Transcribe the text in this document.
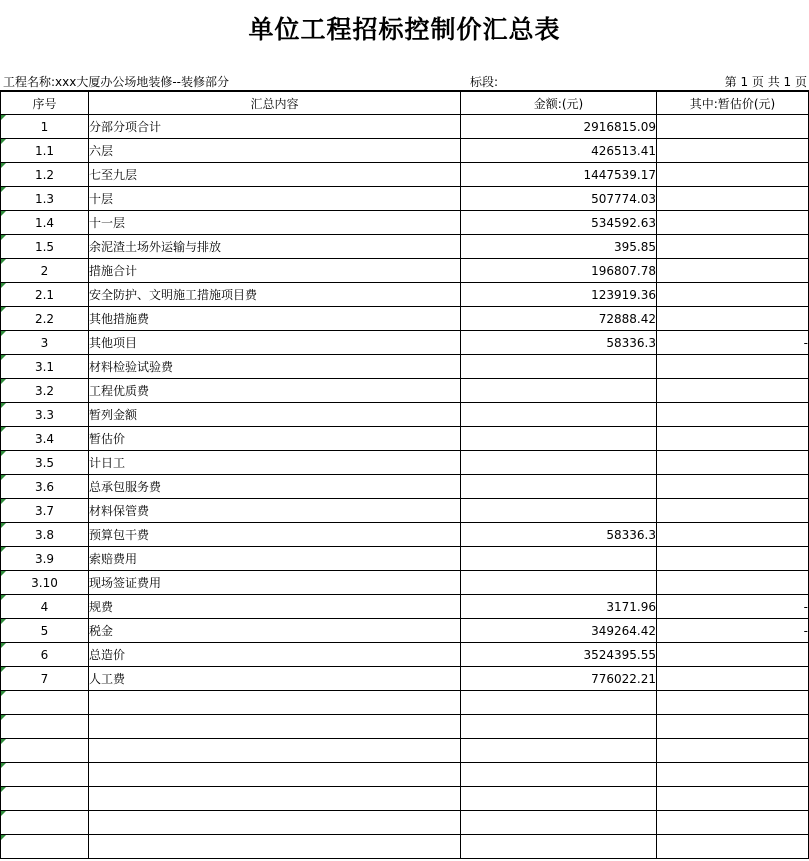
单位工程招标控制价汇总表
工程名称:xxx大厦办公场地装修--装修部分	标段:	第 1 页 共 1 页
序号	汇总内容	金额:(元)	其中:暂估价(元)

1	分部分项合计	2916815.09	

1.1	六层	426513.41	

1.2	七至九层	1447539.17	

1.3	十层	507774.03	

1.4	十一层	534592.63	

1.5	余泥渣土场外运输与排放	395.85	

2	措施合计	196807.78	

2.1	安全防护、文明施工措施项目费	123919.36	

2.2	其他措施费	72888.42	

3	其他项目	58336.3	-

3.1	材料检验试验费		

3.2	工程优质费		

3.3	暂列金额		

3.4	暂估价		

3.5	计日工		

3.6	总承包服务费		

3.7	材料保管费		

3.8	预算包干费	58336.3	

3.9	索赔费用		

3.10	现场签证费用		

4	规费	3171.96	-

5	税金	349264.42	-

6	总造价	3524395.55	

7	人工费	776022.21	
